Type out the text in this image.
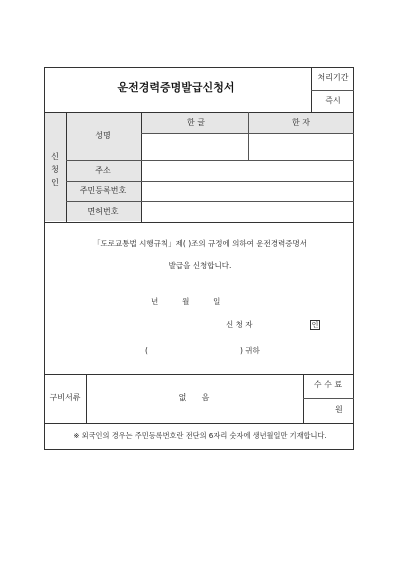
운전경력증명발급신청서
처리기간
즉시
신
청
인
성명
한 글	한 자
주소
주민등록번호
면허번호
「도로교통법 시행규칙」제( )조의 규정에 의하여 운전경력증명서
발급을 신청합니다.
년          월          일
신 청 자	인
(	) 귀하
구비서류	없      음
수 수 료
원
※ 외국인의 경우는 주민등록번호란 전단의 6자리 숫자에 생년월일만 기재합니다.
